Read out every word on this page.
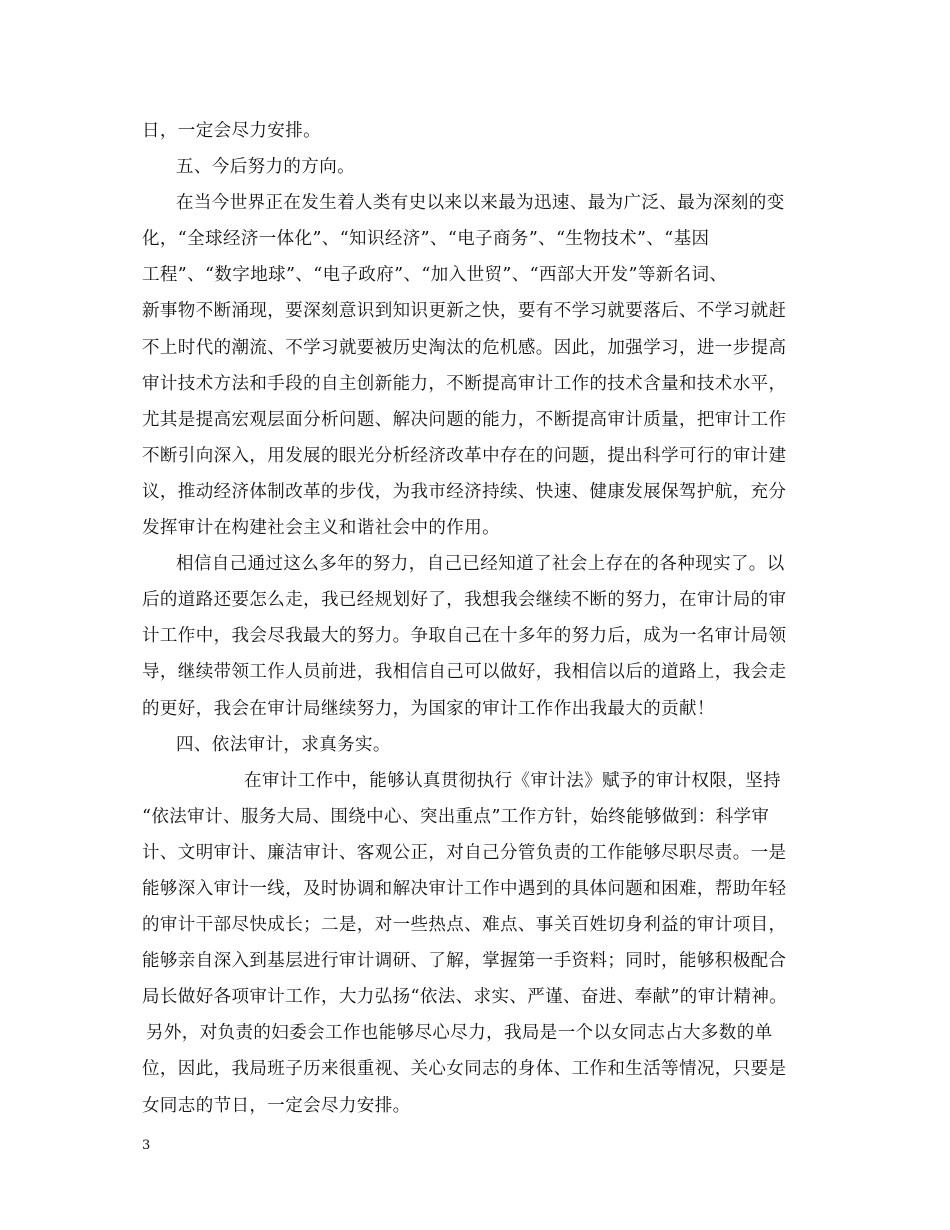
日，一定会尽力安排。
五、今后努力的方向。
在当今世界正在发生着人类有史以来以来最为迅速、最为广泛、最为深刻的变
化，“全球经济一体化”、“知识经济”、“电子商务”、“生物技术”、“基因
工程”、“数字地球”、“电子政府”、“加入世贸”、“西部大开发”等新名词、
新事物不断涌现，要深刻意识到知识更新之快，要有不学习就要落后、不学习就赶
不上时代的潮流、不学习就要被历史淘汰的危机感。因此，加强学习，进一步提高
审计技术方法和手段的自主创新能力，不断提高审计工作的技术含量和技术水平，
尤其是提高宏观层面分析问题、解决问题的能力，不断提高审计质量，把审计工作
不断引向深入，用发展的眼光分析经济改革中存在的问题，提出科学可行的审计建
议，推动经济体制改革的步伐，为我市经济持续、快速、健康发展保驾护航，充分
发挥审计在构建社会主义和谐社会中的作用。
相信自己通过这么多年的努力，自己已经知道了社会上存在的各种现实了。以
后的道路还要怎么走，我已经规划好了，我想我会继续不断的努力，在审计局的审
计工作中，我会尽我最大的努力。争取自己在十多年的努力后，成为一名审计局领
导，继续带领工作人员前进，我相信自己可以做好，我相信以后的道路上，我会走
的更好，我会在审计局继续努力，为国家的审计工作作出我最大的贡献！
四、依法审计，求真务实。
在审计工作中，能够认真贯彻执行《审计法》赋予的审计权限，坚持
“依法审计、服务大局、围绕中心、突出重点”工作方针，始终能够做到：科学审
计、文明审计、廉洁审计、客观公正，对自己分管负责的工作能够尽职尽责。一是
能够深入审计一线，及时协调和解决审计工作中遇到的具体问题和困难，帮助年轻
的审计干部尽快成长；二是，对一些热点、难点、事关百姓切身利益的审计项目，
能够亲自深入到基层进行审计调研、了解，掌握第一手资料；同时，能够积极配合
局长做好各项审计工作，大力弘扬“依法、求实、严谨、奋进、奉献”的审计精神。
另外，对负责的妇委会工作也能够尽心尽力，我局是一个以女同志占大多数的单
位，因此，我局班子历来很重视、关心女同志的身体、工作和生活等情况，只要是
女同志的节日，一定会尽力安排。
3
